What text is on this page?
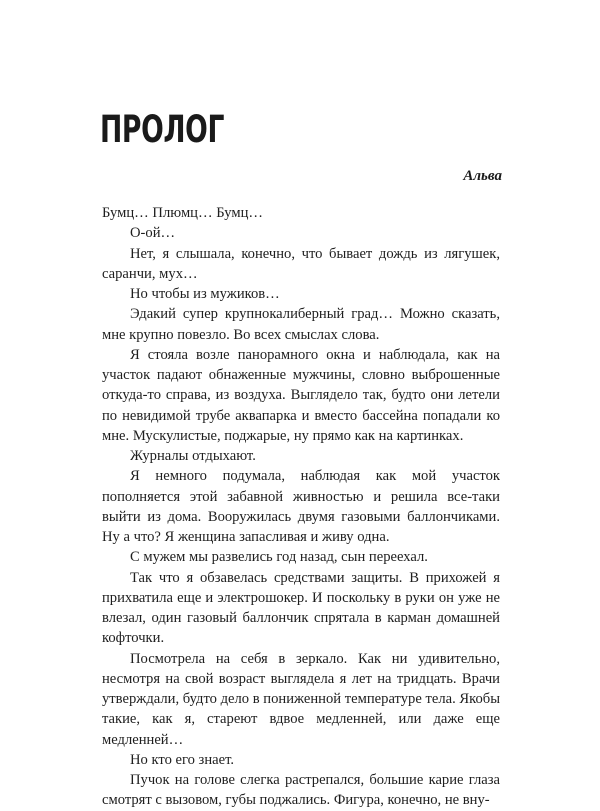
ПРОЛОГ
Альва

Бумц… Плюмц… Бумц…

О-ой…

Нет, я слышала, конечно, что бывает дождь из лягушек, саранчи, мух…

Но чтобы из мужиков…

Эдакий супер крупнокалиберный град… Можно сказать, мне крупно повезло. Во всех смыслах слова.

Я стояла возле панорамного окна и наблюдала, как на участок падают обнаженные мужчины, словно выброшенные откуда-то справа, из воздуха. Выглядело так, будто они летели по невидимой трубе аквапарка и вместо бассейна попадали ко мне. Мускулистые, поджарые, ну прямо как на картинках.

Журналы отдыхают.

Я немного подумала, наблюдая как мой участок пополняется этой забавной живностью и решила все-таки выйти из дома. Вооружилась двумя газовыми баллончиками. Ну а что? Я женщина запасливая и живу одна.

С мужем мы развелись год назад, сын переехал.

Так что я обзавелась средствами защиты. В прихожей я прихватила еще и электрошокер. И поскольку в руки он уже не влезал, один газовый баллончик спрятала в карман домашней кофточки.

Посмотрела на себя в зеркало. Как ни удивительно, несмотря на свой возраст выглядела я лет на тридцать. Врачи утверждали, будто дело в пониженной температуре тела. Якобы такие, как я, стареют вдвое медленней, или даже еще медленней…

Но кто его знает.

Пучок на голове слегка растрепался, большие карие глаза смотрят с вызовом, губы поджались. Фигура, конечно, не вну-
